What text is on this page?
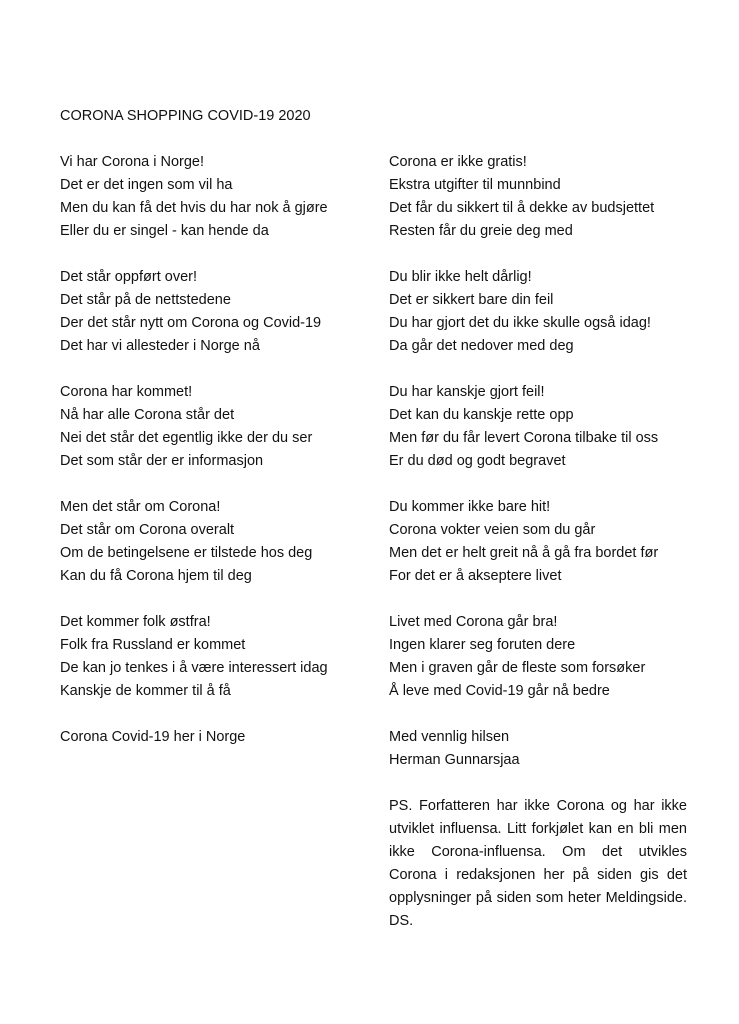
CORONA SHOPPING COVID-19 2020
Vi har Corona i Norge!
Det er det ingen som vil ha
Men du kan få det hvis du har nok å gjøre
Eller du er singel - kan hende da
Det står oppført over!
Det står på de nettstedene
Der det står nytt om Corona og Covid-19
Det har vi allesteder i Norge nå
Corona har kommet!
Nå har alle Corona står det
Nei det står det egentlig ikke der du ser
Det som står der er informasjon
Men det står om Corona!
Det står om Corona overalt
Om de betingelsene er tilstede hos deg
Kan du få Corona hjem til deg
Det kommer folk østfra!
Folk fra Russland er kommet
De kan jo tenkes i å være interessert idag
Kanskje de kommer til å få
Corona Covid-19 her i Norge
Corona er ikke gratis!
Ekstra utgifter til munnbind
Det får du sikkert til å dekke av budsjettet
Resten får du greie deg med
Du blir ikke helt dårlig!
Det er sikkert bare din feil
Du har gjort det du ikke skulle også idag!
Da går det nedover med deg
Du har kanskje gjort feil!
Det kan du kanskje rette opp
Men før du får levert Corona tilbake til oss
Er du død og godt begravet
Du kommer ikke bare hit!
Corona vokter veien som du går
Men det er helt greit nå å gå fra bordet før
For det er å akseptere livet
Livet med Corona går bra!
Ingen klarer seg foruten dere
Men i graven går de fleste som forsøker
Å leve med Covid-19 går nå bedre
Med vennlig hilsen
Herman Gunnarsjaa

PS. Forfatteren har ikke Corona og har ikke utviklet influensa. Litt forkjølet kan en bli men ikke Corona-influensa. Om det utvikles Corona i redaksjonen her på siden gis det opplysninger på siden som heter Meldingside. DS.
